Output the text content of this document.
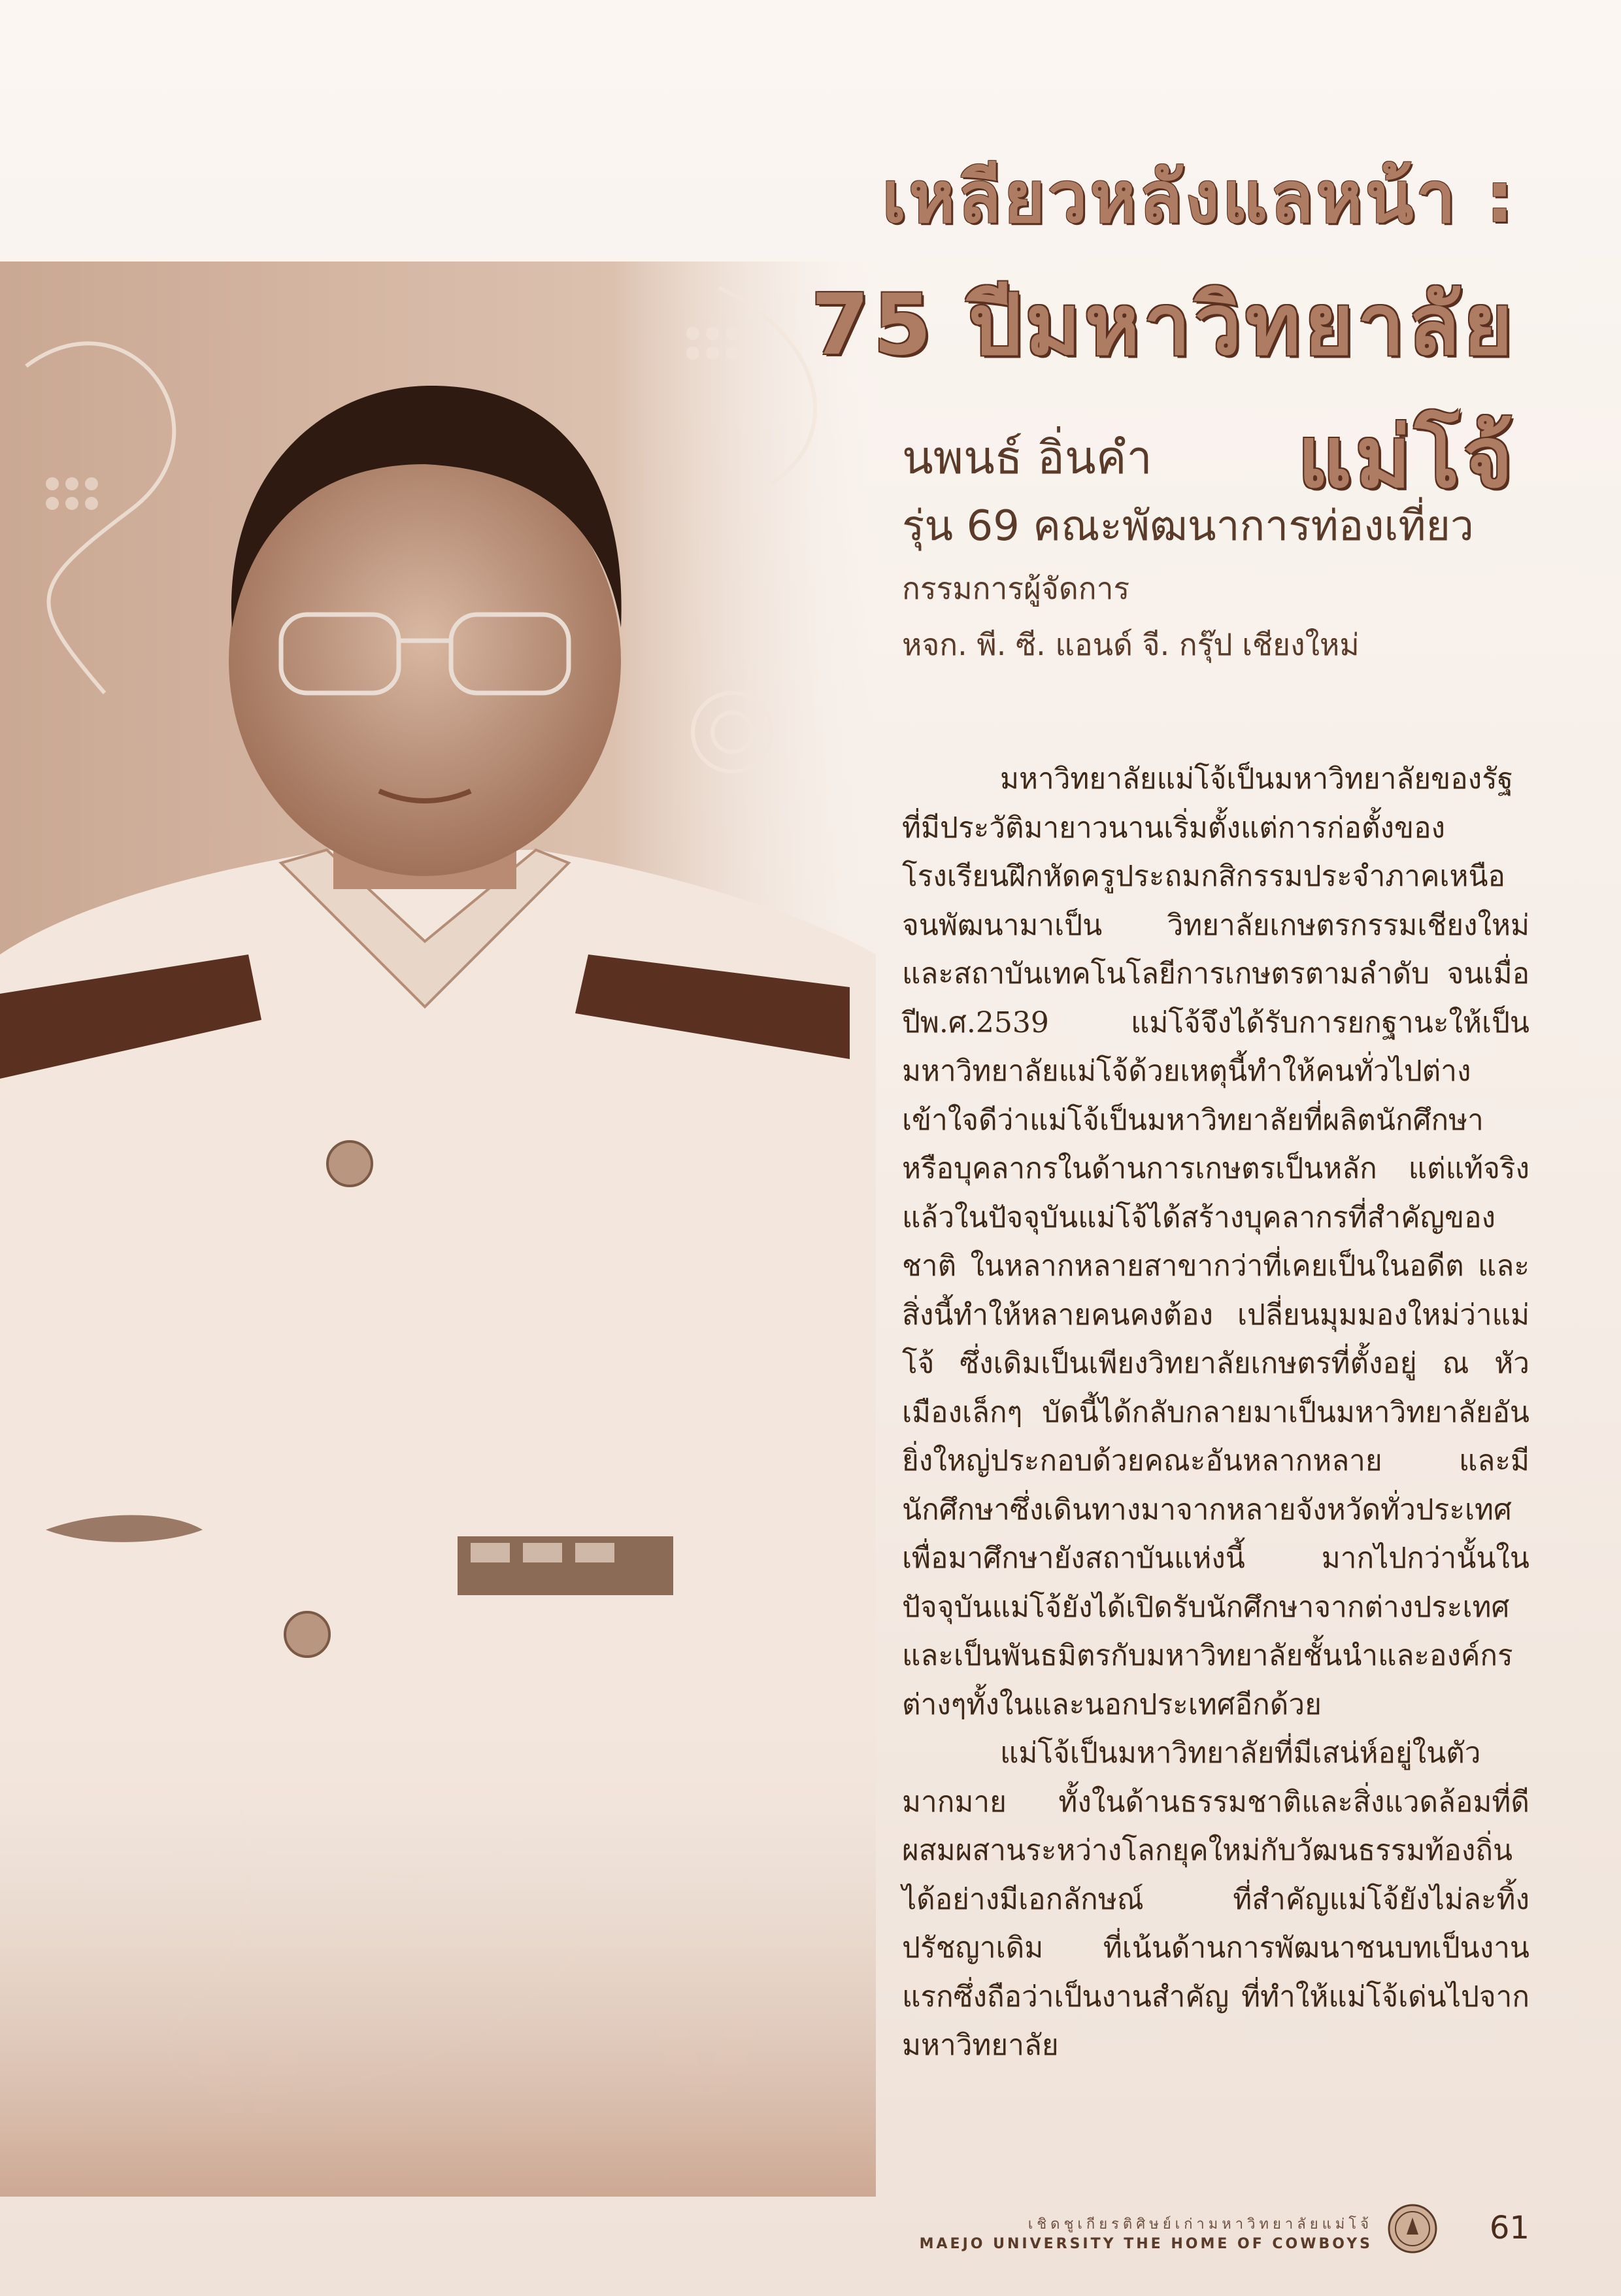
เหลียวหลังแลหน้า :
75 ปีมหาวิทยาลัยแม่โจ้
นพนธ์ อิ่นคำ
รุ่น 69 คณะพัฒนาการท่องเที่ยว
กรรมการผู้จัดการ
หจก. พี. ซี. แอนด์ จี. กรุ๊ป เชียงใหม่

มหาวิทยาลัยแม่โจ้เป็นมหาวิทยาลัยของรัฐที่มีประวัติมายาวนานเริ่มตั้งแต่การก่อตั้งของโรงเรียนฝึกหัดครูประถมกสิกรรมประจำภาคเหนือ จนพัฒนามาเป็น วิทยาลัยเกษตรกรรมเชียงใหม่ และสถาบันเทคโนโลยีการเกษตรตามลำดับ จนเมื่อปีพ.ศ.2539 แม่โจ้จึงได้รับการยกฐานะให้เป็นมหาวิทยาลัยแม่โจ้ด้วยเหตุนี้ทำให้คนทั่วไปต่างเข้าใจดีว่าแม่โจ้เป็นมหาวิทยาลัยที่ผลิตนักศึกษาหรือบุคลากรในด้านการเกษตรเป็นหลัก แต่แท้จริงแล้วในปัจจุบันแม่โจ้ได้สร้างบุคลากรที่สำคัญของชาติ ในหลากหลายสาขากว่าที่เคยเป็นในอดีต และสิ่งนี้ทำให้หลายคนคงต้อง เปลี่ยนมุมมองใหม่ว่าแม่โจ้ ซึ่งเดิมเป็นเพียงวิทยาลัยเกษตรที่ตั้งอยู่ ณ หัวเมืองเล็กๆ บัดนี้ได้กลับกลายมาเป็นมหาวิทยาลัยอันยิ่งใหญ่ประกอบด้วยคณะอันหลากหลาย และมีนักศึกษาซึ่งเดินทางมาจากหลายจังหวัดทั่วประเทศ เพื่อมาศึกษายังสถาบันแห่งนี้ มากไปกว่านั้นในปัจจุบันแม่โจ้ยังได้เปิดรับนักศึกษาจากต่างประเทศและเป็นพันธมิตรกับมหาวิทยาลัยชั้นนำและองค์กรต่างๆทั้งในและนอกประเทศอีกด้วย

แม่โจ้เป็นมหาวิทยาลัยที่มีเสน่ห์อยู่ในตัวมากมาย ทั้งในด้านธรรมชาติและสิ่งแวดล้อมที่ดีผสมผสานระหว่างโลกยุคใหม่กับวัฒนธรรมท้องถิ่นได้อย่างมีเอกลักษณ์ ที่สำคัญแม่โจ้ยังไม่ละทิ้งปรัชญาเดิม ที่เน้นด้านการพัฒนาชนบทเป็นงานแรกซึ่งถือว่าเป็นงานสำคัญ ที่ทำให้แม่โจ้เด่นไปจากมหาวิทยาลัย

เชิดชูเกียรติศิษย์เก่ามหาวิทยาลัยแม่โจ้
MAEJO UNIVERSITY THE HOME OF COWBOYS	61
